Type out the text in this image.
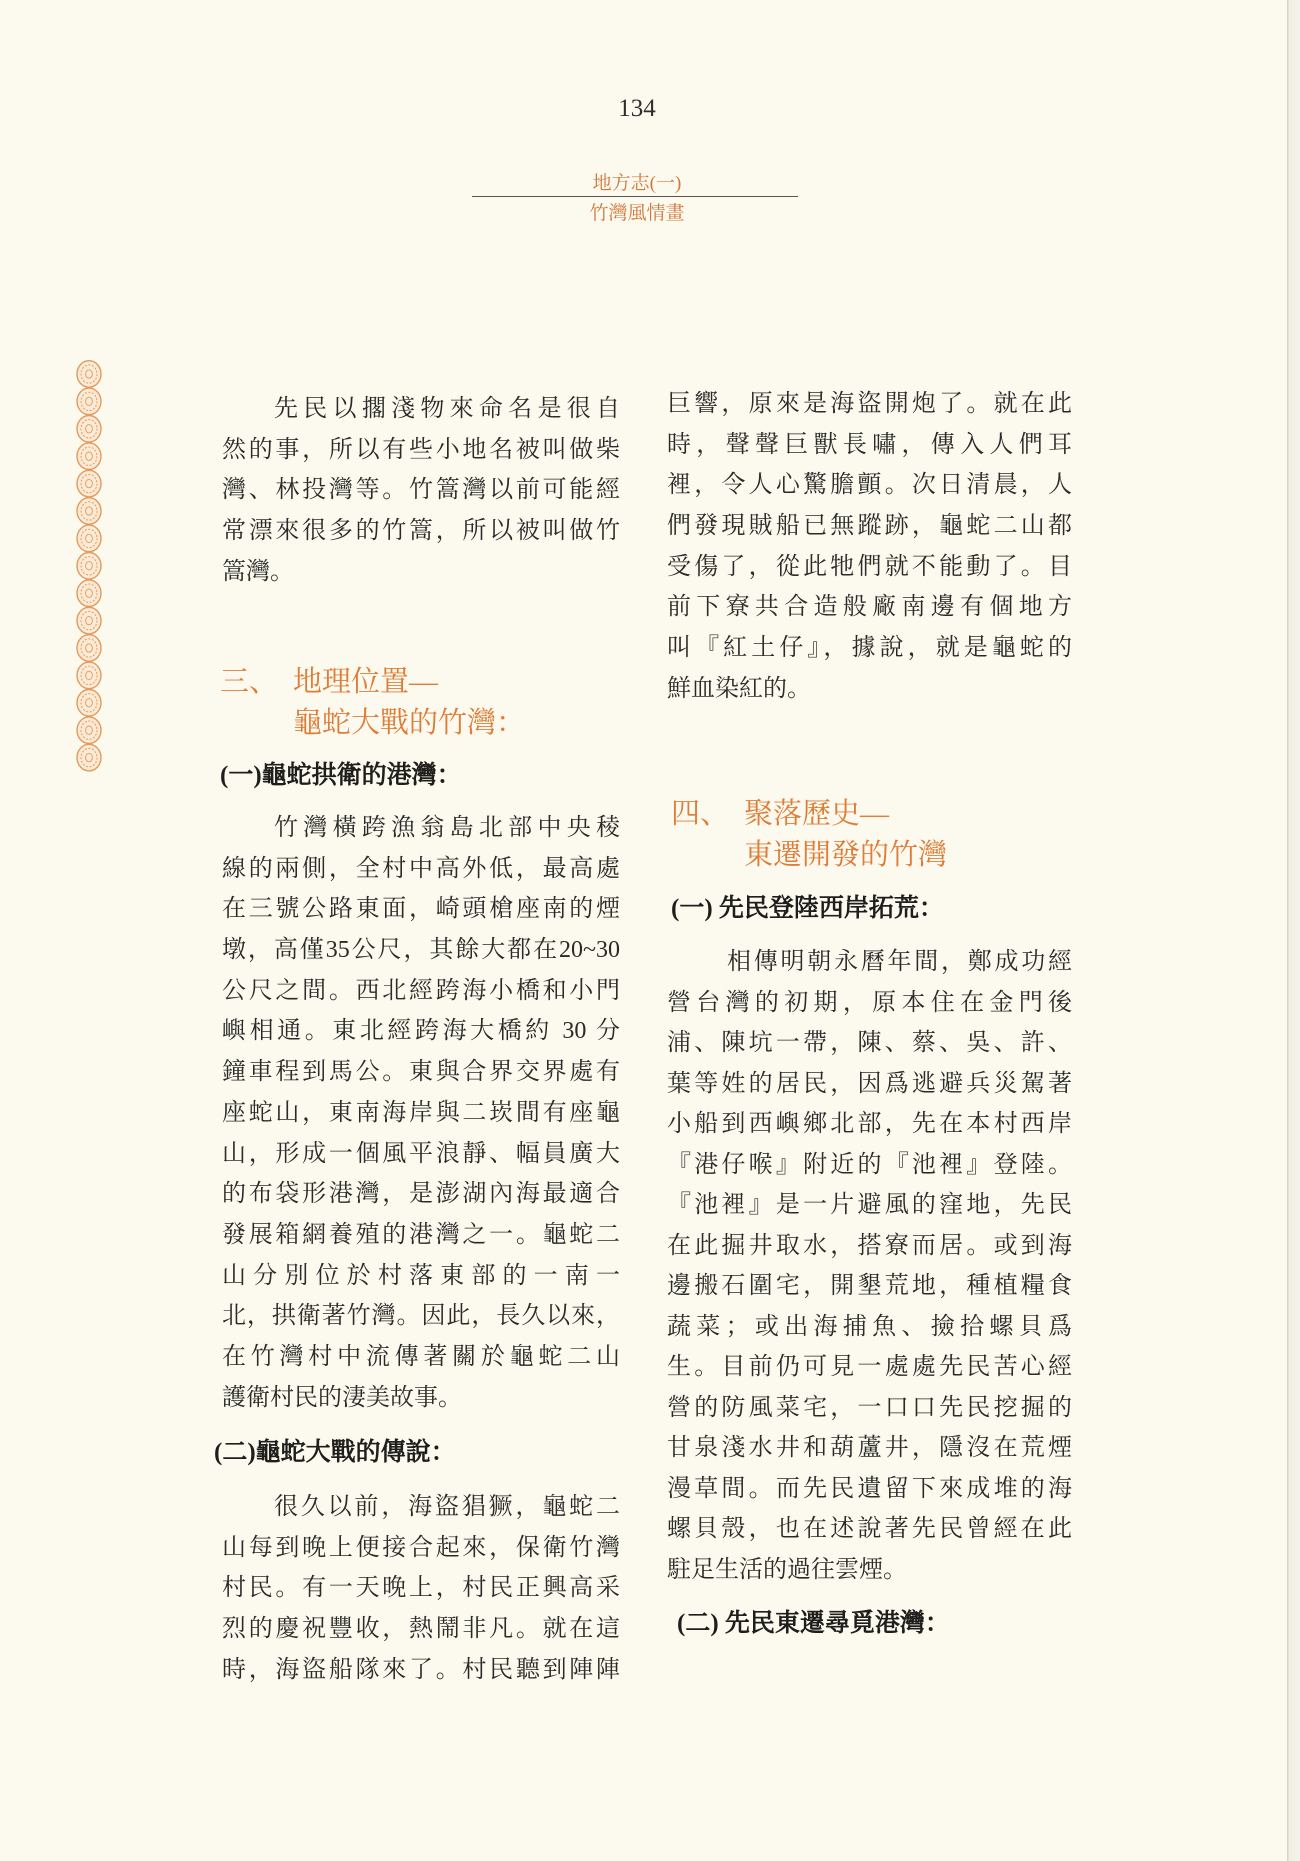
134
地方志(一)
竹灣風情畫
先民以擱淺物來命名是很自
然的事，所以有些小地名被叫做柴
灣、林投灣等。竹篙灣以前可能經
常漂來很多的竹篙，所以被叫做竹
篙灣。
三、 地理位置—
龜蛇大戰的竹灣：
(一)龜蛇拱衛的港灣：
竹灣橫跨漁翁島北部中央稜
線的兩側，全村中高外低，最高處
在三號公路東面，崎頭槍座南的煙
墩，高僅35公尺，其餘大都在20~30
公尺之間。西北經跨海小橋和小門
嶼相通。東北經跨海大橋約 30 分
鐘車程到馬公。東與合界交界處有
座蛇山，東南海岸與二崁間有座龜
山，形成一個風平浪靜、幅員廣大
的布袋形港灣，是澎湖內海最適合
發展箱網養殖的港灣之一。龜蛇二
山分別位於村落東部的一南一
北，拱衛著竹灣。因此，長久以來，
在竹灣村中流傳著關於龜蛇二山
護衛村民的淒美故事。
(二)龜蛇大戰的傳說：
很久以前，海盜猖獗，龜蛇二
山每到晚上便接合起來，保衛竹灣
村民。有一天晚上，村民正興高采
烈的慶祝豐收，熱鬧非凡。就在這
時，海盜船隊來了。村民聽到陣陣
巨響，原來是海盜開炮了。就在此
時，聲聲巨獸長嘯，傳入人們耳
裡，令人心驚膽顫。次日清晨，人
們發現賊船已無蹤跡，龜蛇二山都
受傷了，從此牠們就不能動了。目
前下寮共合造般廠南邊有個地方
叫『紅土仔』，據說，就是龜蛇的
鮮血染紅的。
四、 聚落歷史—
東遷開發的竹灣
(一) 先民登陸西岸拓荒：
相傳明朝永曆年間，鄭成功經
營台灣的初期，原本住在金門後
浦、陳坑一帶，陳、蔡、吳、許、
葉等姓的居民，因爲逃避兵災駕著
小船到西嶼鄉北部，先在本村西岸
『港仔喉』附近的『池裡』登陸。
『池裡』是一片避風的窪地，先民
在此掘井取水，搭寮而居。或到海
邊搬石圍宅，開墾荒地，種植糧食
蔬菜；或出海捕魚、撿拾螺貝爲
生。目前仍可見一處處先民苦心經
營的防風菜宅，一口口先民挖掘的
甘泉淺水井和葫蘆井，隱沒在荒煙
漫草間。而先民遺留下來成堆的海
螺貝殼，也在述說著先民曾經在此
駐足生活的過往雲煙。
(二) 先民東遷尋覓港灣：
